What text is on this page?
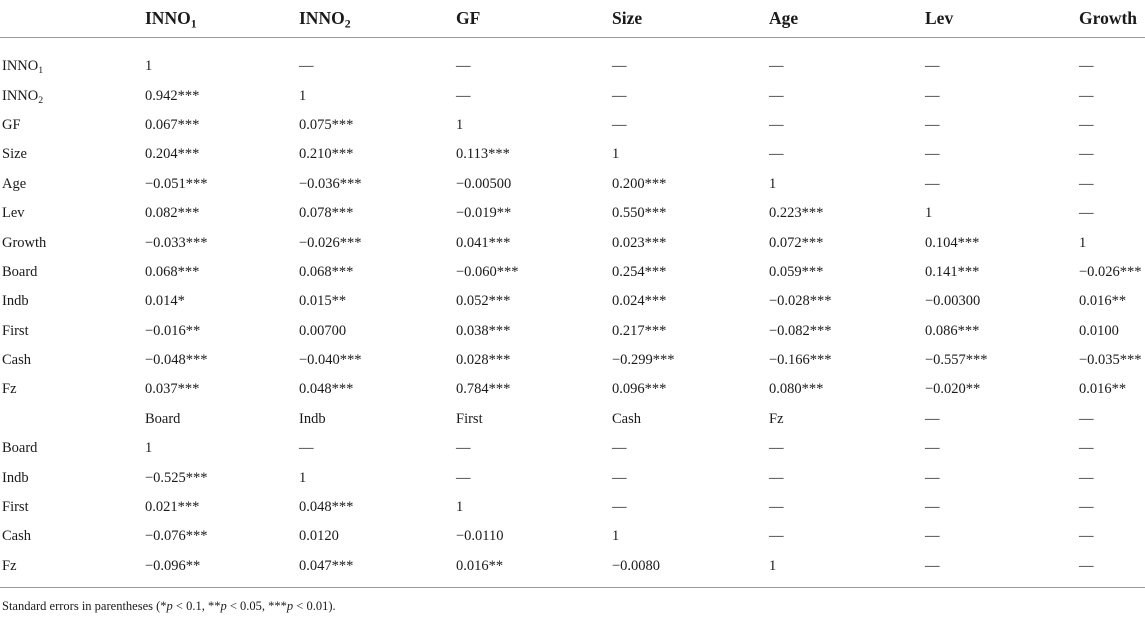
	$INNO_1$	$INNO_2$	GF	Size	Age	Lev	Growth
$INNO_1$	1	—	—	—	—	—	—
$INNO_2$	0.942***	1	—	—	—	—	—
GF	0.067***	0.075***	1	—	—	—	—
Size	0.204***	0.210***	0.113***	1	—	—	—
Age	−0.051***	−0.036***	−0.00500	0.200***	1	—	—
Lev	0.082***	0.078***	−0.019**	0.550***	0.223***	1	—
Growth	−0.033***	−0.026***	0.041***	0.023***	0.072***	0.104***	1
Board	0.068***	0.068***	−0.060***	0.254***	0.059***	0.141***	−0.026***
Indb	0.014*	0.015**	0.052***	0.024***	−0.028***	−0.00300	0.016**
First	−0.016**	0.00700	0.038***	0.217***	−0.082***	0.086***	0.0100
Cash	−0.048***	−0.040***	0.028***	−0.299***	−0.166***	−0.557***	−0.035***
Fz	0.037***	0.048***	0.784***	0.096***	0.080***	−0.020**	0.016**
	Board	Indb	First	Cash	Fz	—	—
Board	1	—	—	—	—	—	—
Indb	−0.525***	1	—	—	—	—	—
First	0.021***	0.048***	1	—	—	—	—
Cash	−0.076***	0.0120	−0.0110	1	—	—	—
Fz	−0.096**	0.047***	0.016**	−0.0080	1	—	—
Standard errors in parentheses (*p < 0.1, **p < 0.05, ***p < 0.01).
